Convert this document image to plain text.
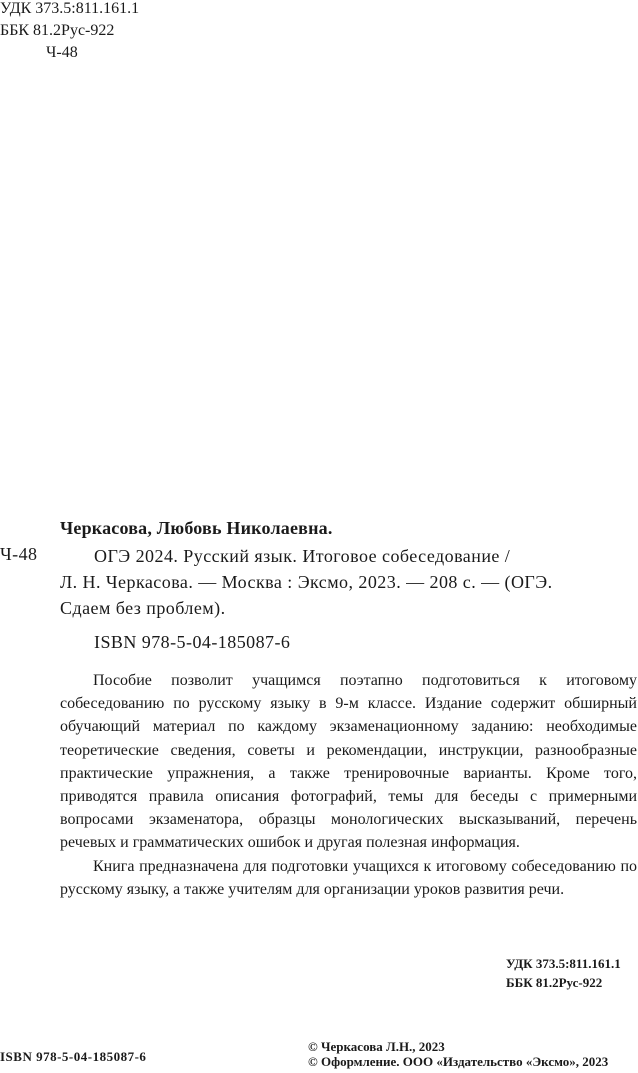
УДК 373.5:811.161.1
ББК 81.2Рус-922
Ч-48
Черкасова, Любовь Николаевна.
Ч-48	ОГЭ 2024. Русский язык. Итоговое собеседование /
Л. Н. Черкасова. — Москва : Эксмо, 2023. — 208 с. — (ОГЭ.
Сдаем без проблем).
ISBN 978-5-04-185087-6

Пособие позволит учащимся поэтапно подготовиться к итоговому собеседованию по русскому языку в 9-м классе. Издание содержит обширный обучающий материал по каждому экзаменационному заданию: необходимые теоретические сведения, советы и рекомендации, инструкции, разнообразные практические упражнения, а также тренировочные варианты. Кроме того, приводятся правила описания фотографий, темы для беседы с примерными вопросами экзаменатора, образцы монологических высказываний, перечень речевых и грамматических ошибок и другая полезная информация.

Книга предназначена для подготовки учащихся к итоговому собеседованию по русскому языку, а также учителям для организации уроков развития речи.

УДК 373.5:811.161.1
ББК 81.2Рус-922
ISBN 978-5-04-185087-6
© Черкасова Л.Н., 2023
© Оформление. ООО «Издательство «Эксмо», 2023
